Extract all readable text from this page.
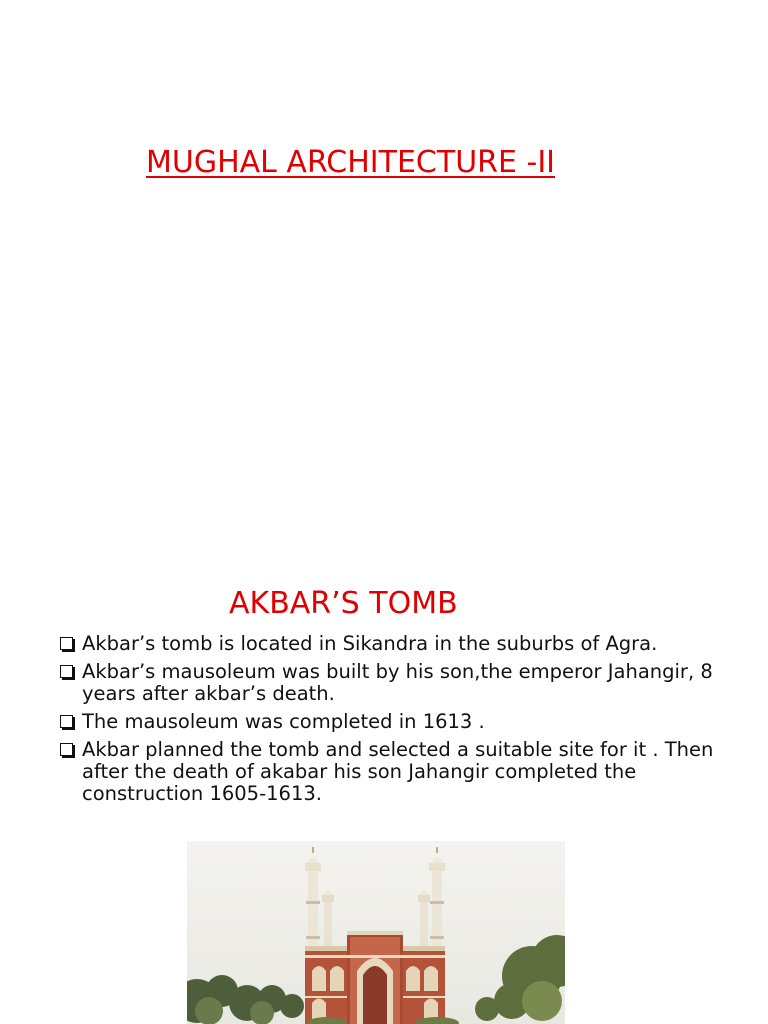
MUGHAL ARCHITECTURE -II
AKBAR’S TOMB
Akbar’s tomb is located in Sikandra in the suburbs of Agra.
Akbar’s mausoleum was built by his son,the emperor Jahangir, 8 years after akbar’s death.
The mausoleum was completed in 1613 .
Akbar planned the tomb and selected a suitable site for it . Then after the death of akabar his son Jahangir completed the construction 1605-1613.
